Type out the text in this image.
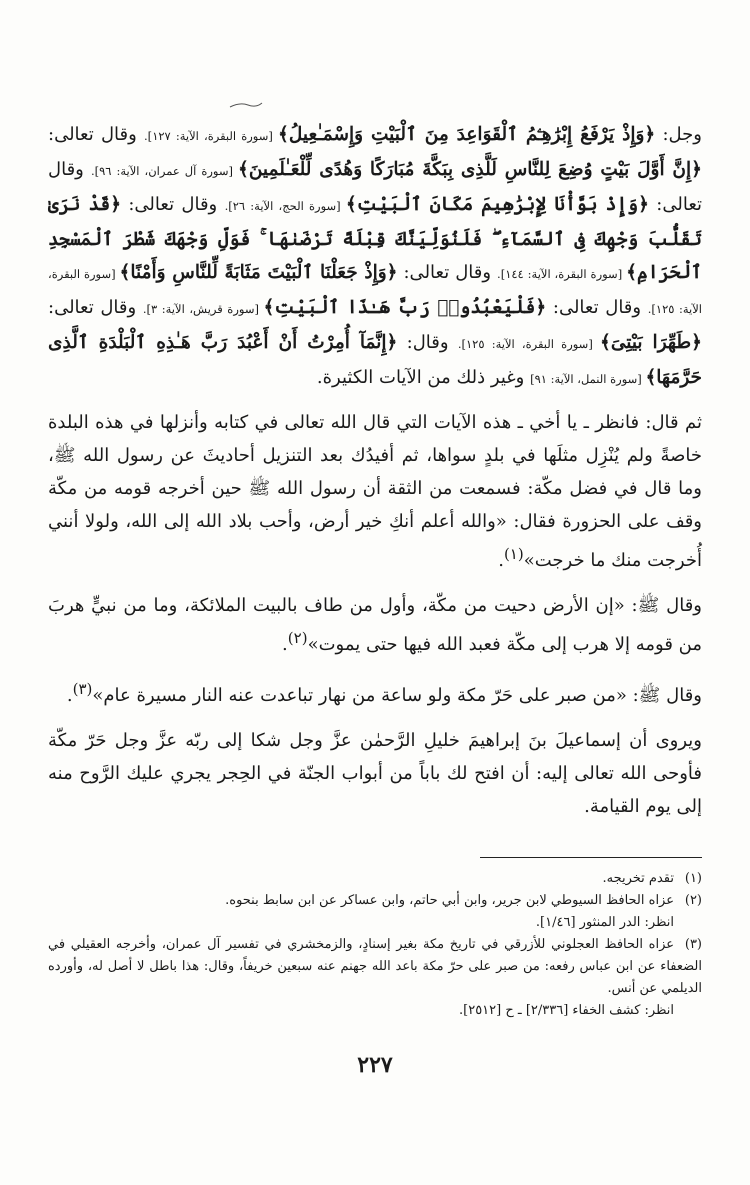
وجل: ﴿وَإِذْ يَرْفَعُ إِبْرَٰهِـۧمُ ٱلْقَوَاعِدَ مِنَ ٱلْبَيْتِ وَإِسْمَـٰعِيلُ﴾ [سورة البقرة، الآية: ١٢٧]. وقال تعالى: ﴿إِنَّ أَوَّلَ بَيْتٍ وُضِعَ لِلنَّاسِ لَلَّذِى بِبَكَّةَ مُبَارَكًا وَهُدًى لِّلْعَـٰلَمِينَ﴾ [سورة آل عمران، الآية: ٩٦]. وقال تعالى: ﴿وَإِذْ بَوَّأْنَا لِإِبْرَٰهِيمَ مَكَانَ ٱلْبَيْتِ﴾ [سورة الحج، الآية: ٢٦]. وقال تعالى: ﴿قَدْ نَرَىٰ تَقَلُّبَ وَجْهِكَ فِى ٱلسَّمَآءِ ۖ فَلَنُوَلِّيَنَّكَ قِبْلَةً تَرْضَىٰهَا ۚ فَوَلِّ وَجْهَكَ شَطْرَ ٱلْمَسْجِدِ ٱلْحَرَامِ﴾ [سورة البقرة، الآية: ١٤٤]. وقال تعالى: ﴿وَإِذْ جَعَلْنَا ٱلْبَيْتَ مَثَابَةً لِّلنَّاسِ وَأَمْنًا﴾ [سورة البقرة، الآية: ١٢٥]. وقال تعالى: ﴿فَلْيَعْبُدُوا۟ رَبَّ هَـٰذَا ٱلْبَيْتِ﴾ [سورة قريش، الآية: ٣]. وقال تعالى: ﴿طَهِّرَا بَيْتِىَ﴾ [سورة البقرة، الآية: ١٢٥]. وقال: ﴿إِنَّمَآ أُمِرْتُ أَنْ أَعْبُدَ رَبَّ هَـٰذِهِ ٱلْبَلْدَةِ ٱلَّذِى حَرَّمَهَا﴾ [سورة النمل، الآية: ٩١] وغير ذلك من الآيات الكثيرة.

ثم قال: فانظر ـ يا أخي ـ هذه الآيات التي قال الله تعالى في كتابه وأنزلها في هذه البلدة خاصةً ولم يُنْزِل مثلَها في بلدٍ سواها، ثم أفيدُك بعد التنزيل أحاديثَ عن رسول الله ﷺ، وما قال في فضل مكّة: فسمعت من الثقة أن رسول الله ﷺ حين أخرجه قومه من مكّة وقف على الحزورة فقال: «والله أعلم أنكِ خير أرض، وأحب بلاد الله إلى الله، ولولا أنني أُخرجت منك ما خرجت»$^{(١)}$.

وقال ﷺ: «إن الأرض دحيت من مكّة، وأول من طاف بالبيت الملائكة، وما من نبيٍّ هربَ من قومه إلا هرب إلى مكّة فعبد الله فيها حتى يموت»$^{(٢)}$.

وقال ﷺ: «من صبر على حَرّ مكة ولو ساعة من نهار تباعدت عنه النار مسيرة عام»$^{(٣)}$.

ويروى أن إسماعيلَ بنَ إبراهيمَ خليلِ الرَّحمٰن عزَّ وجل شكا إلى ربّه عزَّ وجل حَرّ مكّة فأوحى الله تعالى إليه: أن افتح لك باباً من أبواب الجنّة في الحِجر يجري عليك الرَّوح منه إلى يوم القيامة.

(١)تقدم تخريجه.

(٢)عزاه الحافظ السيوطي لابن جرير، وابن أبي حاتم، وابن عساكر عن ابن سابط بنحوه.

انظر: الدر المنثور [١/٤٦].

(٣)عزاه الحافظ العجلوني للأزرقي في تاريخ مكة بغير إسنادٍ، والزمخشري في تفسير آل عمران، وأخرجه العقيلي في الضعفاء عن ابن عباس رفعه: من صبر على حرّ مكة باعد الله جهنم عنه سبعين خريفاً، وقال: هذا باطل لا أصل له، وأورده الديلمي عن أنس.

انظر: كشف الخفاء [٢/٣٣٦] ـ ح [٢٥١٢].

٢٢٧
